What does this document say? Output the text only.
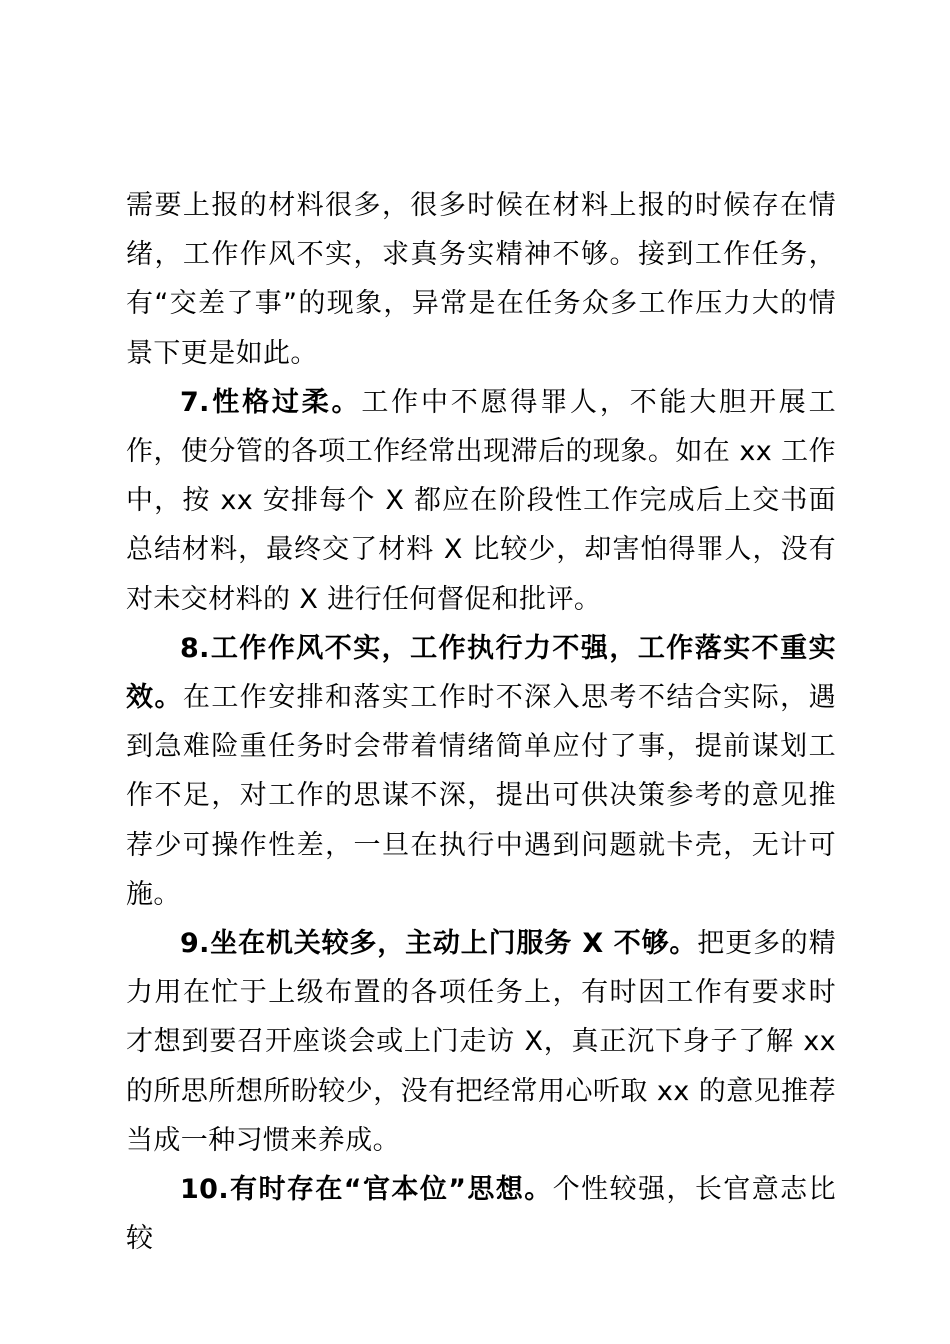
需要上报的材料很多，很多时候在材料上报的时候存在情绪，工作作风不实，求真务实精神不够。接到工作任务，有“交差了事”的现象，异常是在任务众多工作压力大的情景下更是如此。

7.性格过柔。工作中不愿得罪人，不能大胆开展工作，使分管的各项工作经常出现滞后的现象。如在 xx 工作中，按 xx 安排每个 X 都应在阶段性工作完成后上交书面总结材料，最终交了材料 X 比较少，却害怕得罪人，没有对未交材料的 X 进行任何督促和批评。

8.工作作风不实，工作执行力不强，工作落实不重实效。在工作安排和落实工作时不深入思考不结合实际，遇到急难险重任务时会带着情绪简单应付了事，提前谋划工作不足，对工作的思谋不深，提出可供决策参考的意见推荐少可操作性差，一旦在执行中遇到问题就卡壳，无计可施。

9.坐在机关较多，主动上门服务 X 不够。把更多的精力用在忙于上级布置的各项任务上，有时因工作有要求时才想到要召开座谈会或上门走访 X，真正沉下身子了解 xx 的所思所想所盼较少，没有把经常用心听取 xx 的意见推荐当成一种习惯来养成。

10.有时存在“官本位”思想。个性较强，长官意志比较
